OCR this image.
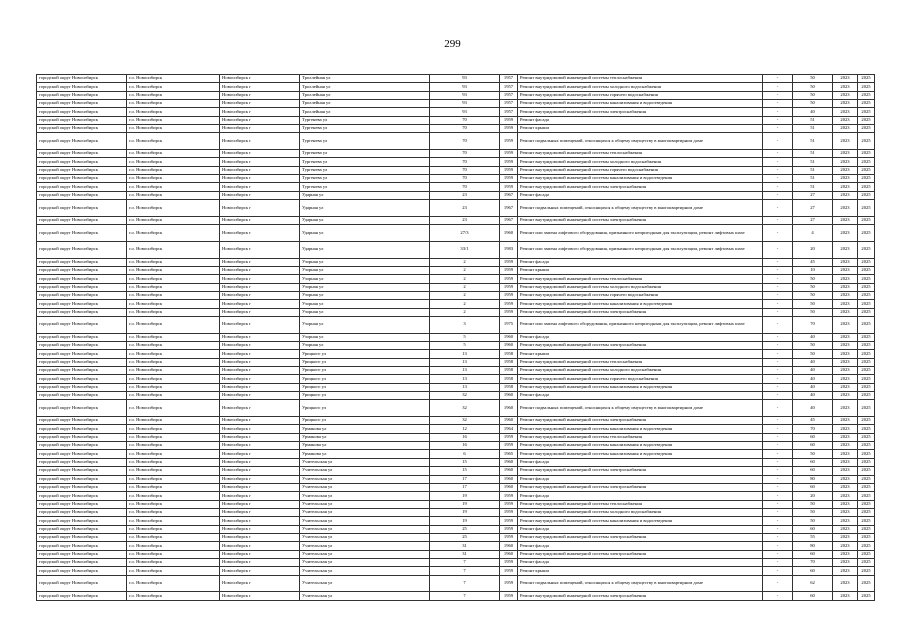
299
городской округ Новосибирск	г.о. Новосибирск	Новосибирск г	Троллейная ул	93	1957	Ремонт внутридомовой инженерной системы теплоснабжения	-	50	2023	2025
городской округ Новосибирск	г.о. Новосибирск	Новосибирск г	Троллейная ул	93	1957	Ремонт внутридомовой инженерной системы холодного водоснабжения	-	50	2023	2025
городской округ Новосибирск	г.о. Новосибирск	Новосибирск г	Троллейная ул	93	1957	Ремонт внутридомовой инженерной системы горячего водоснабжения	-	50	2023	2025
городской округ Новосибирск	г.о. Новосибирск	Новосибирск г	Троллейная ул	93	1957	Ремонт внутридомовой инженерной системы канализования и водоотведения	-	50	2023	2025
городской округ Новосибирск	г.о. Новосибирск	Новосибирск г	Троллейная ул	93	1957	Ремонт внутридомовой инженерной системы электроснабжения	-	40	2023	2025
городской округ Новосибирск	г.о. Новосибирск	Новосибирск г	Тургенева ул	70	1959	Ремонт фасада	-	51	2023	2025
городской округ Новосибирск	г.о. Новосибирск	Новосибирск г	Тургенева ул	70	1959	Ремонт крыши	-	51	2023	2025
городской округ Новосибирск	г.о. Новосибирск	Новосибирск г	Тургенева ул	70	1959	Ремонт подвальных помещений, относящихся к общему имуществу в многоквартирном доме	-	51	2023	2025
городской округ Новосибирск	г.о. Новосибирск	Новосибирск г	Тургенева ул	70	1959	Ремонт внутридомовой инженерной системы теплоснабжения	-	51	2023	2025
городской округ Новосибирск	г.о. Новосибирск	Новосибирск г	Тургенева ул	70	1959	Ремонт внутридомовой инженерной системы холодного водоснабжения	-	51	2023	2025
городской округ Новосибирск	г.о. Новосибирск	Новосибирск г	Тургенева ул	70	1959	Ремонт внутридомовой инженерной системы горячего водоснабжения	-	51	2023	2025
городской округ Новосибирск	г.о. Новосибирск	Новосибирск г	Тургенева ул	70	1959	Ремонт внутридомовой инженерной системы канализования и водоотведения	-	51	2023	2025
городской округ Новосибирск	г.о. Новосибирск	Новосибирск г	Тургенева ул	70	1959	Ремонт внутридомовой инженерной системы электроснабжения	-	51	2023	2025
городской округ Новосибирск	г.о. Новосибирск	Новосибирск г	Ударная ул	23	1967	Ремонт фасада	-	27	2023	2025
городской округ Новосибирск	г.о. Новосибирск	Новосибирск г	Ударная ул	23	1967	Ремонт подвальных помещений, относящихся к общему имуществу в многоквартирном доме	-	27	2023	2025
городской округ Новосибирск	г.о. Новосибирск	Новосибирск г	Ударная ул	23	1967	Ремонт внутридомовой инженерной системы электроснабжения	-	27	2023	2025
городской округ Новосибирск	г.о. Новосибирск	Новосибирск г	Ударная ул	27/3	1960	Ремонт или замена лифтового оборудования, признанного непригодным для эксплуатации, ремонт лифтовых шахт	-	4	2023	2025
городской округ Новосибирск	г.о. Новосибирск	Новосибирск г	Ударная ул	33/1	1983	Ремонт или замена лифтового оборудования, признанного непригодным для эксплуатации, ремонт лифтовых шахт	-	20	2023	2025
городской округ Новосибирск	г.о. Новосибирск	Новосибирск г	Узорная ул	2	1959	Ремонт фасада	-	45	2023	2025
городской округ Новосибирск	г.о. Новосибирск	Новосибирск г	Узорная ул	2	1959	Ремонт крыши	-	10	2023	2025
городской округ Новосибирск	г.о. Новосибирск	Новосибирск г	Узорная ул	2	1959	Ремонт внутридомовой инженерной системы теплоснабжения	-	50	2023	2025
городской округ Новосибирск	г.о. Новосибирск	Новосибирск г	Узорная ул	2	1959	Ремонт внутридомовой инженерной системы холодного водоснабжения	-	50	2023	2025
городской округ Новосибирск	г.о. Новосибирск	Новосибирск г	Узорная ул	2	1959	Ремонт внутридомовой инженерной системы горячего водоснабжения	-	50	2023	2025
городской округ Новосибирск	г.о. Новосибирск	Новосибирск г	Узорная ул	2	1959	Ремонт внутридомовой инженерной системы канализования и водоотведения	-	50	2023	2025
городской округ Новосибирск	г.о. Новосибирск	Новосибирск г	Узорная ул	2	1959	Ремонт внутридомовой инженерной системы электроснабжения	-	50	2023	2025
городской округ Новосибирск	г.о. Новосибирск	Новосибирск г	Узорная ул	3	1975	Ремонт или замена лифтового оборудования, признанного непригодным для эксплуатации, ремонт лифтовых шахт	-	70	2023	2025
городской округ Новосибирск	г.о. Новосибирск	Новосибирск г	Узорная ул	5	1960	Ремонт фасада	-	40	2023	2025
городской округ Новосибирск	г.о. Новосибирск	Новосибирск г	Узорная ул	5	1960	Ремонт внутридомовой инженерной системы электроснабжения	-	50	2023	2025
городской округ Новосибирск	г.о. Новосибирск	Новосибирск г	Урицкого ул	13	1958	Ремонт крыши	-	50	2023	2025
городской округ Новосибирск	г.о. Новосибирск	Новосибирск г	Урицкого ул	13	1958	Ремонт внутридомовой инженерной системы теплоснабжения	-	40	2023	2025
городской округ Новосибирск	г.о. Новосибирск	Новосибирск г	Урицкого ул	13	1958	Ремонт внутридомовой инженерной системы холодного водоснабжения	-	40	2023	2025
городской округ Новосибирск	г.о. Новосибирск	Новосибирск г	Урицкого ул	13	1958	Ремонт внутридомовой инженерной системы горячего водоснабжения	-	40	2023	2025
городской округ Новосибирск	г.о. Новосибирск	Новосибирск г	Урицкого ул	13	1958	Ремонт внутридомовой инженерной системы канализования и водоотведения	-	40	2023	2025
городской округ Новосибирск	г.о. Новосибирск	Новосибирск г	Урицкого ул	32	1960	Ремонт фасада	-	40	2023	2025
городской округ Новосибирск	г.о. Новосибирск	Новосибирск г	Урицкого ул	32	1960	Ремонт подвальных помещений, относящихся к общему имуществу в многоквартирном доме	-	40	2023	2025
городской округ Новосибирск	г.о. Новосибирск	Новосибирск г	Урицкого ул	32	1960	Ремонт внутридомовой инженерной системы электроснабжения	-	45	2023	2025
городской округ Новосибирск	г.о. Новосибирск	Новосибирск г	Урманова ул	12	1964	Ремонт внутридомовой инженерной системы канализования и водоотведения	-	70	2023	2025
городской округ Новосибирск	г.о. Новосибирск	Новосибирск г	Урманова ул	16	1959	Ремонт внутридомовой инженерной системы теплоснабжения	-	60	2023	2025
городской округ Новосибирск	г.о. Новосибирск	Новосибирск г	Урманова ул	16	1959	Ремонт внутридомовой инженерной системы канализования и водоотведения	-	60	2023	2025
городской округ Новосибирск	г.о. Новосибирск	Новосибирск г	Урманова ул	6	1965	Ремонт внутридомовой инженерной системы канализования и водоотведения	-	50	2023	2025
городской округ Новосибирск	г.о. Новосибирск	Новосибирск г	Учительская ул	15	1960	Ремонт фасада	-	60	2023	2025
городской округ Новосибирск	г.о. Новосибирск	Новосибирск г	Учительская ул	15	1960	Ремонт внутридомовой инженерной системы электроснабжения	-	60	2023	2025
городской округ Новосибирск	г.о. Новосибирск	Новосибирск г	Учительская ул	17	1960	Ремонт фасада	-	80	2023	2025
городской округ Новосибирск	г.о. Новосибирск	Новосибирск г	Учительская ул	17	1960	Ремонт внутридомовой инженерной системы электроснабжения	-	60	2023	2025
городской округ Новосибирск	г.о. Новосибирск	Новосибирск г	Учительская ул	19	1959	Ремонт фасада	-	20	2023	2025
городской округ Новосибирск	г.о. Новосибирск	Новосибирск г	Учительская ул	19	1959	Ремонт внутридомовой инженерной системы теплоснабжения	-	50	2023	2025
городской округ Новосибирск	г.о. Новосибирск	Новосибирск г	Учительская ул	19	1959	Ремонт внутридомовой инженерной системы холодного водоснабжения	-	50	2023	2025
городской округ Новосибирск	г.о. Новосибирск	Новосибирск г	Учительская ул	19	1959	Ремонт внутридомовой инженерной системы канализования и водоотведения	-	50	2023	2025
городской округ Новосибирск	г.о. Новосибирск	Новосибирск г	Учительская ул	25	1959	Ремонт фасада	-	60	2023	2025
городской округ Новосибирск	г.о. Новосибирск	Новосибирск г	Учительская ул	25	1959	Ремонт внутридомовой инженерной системы электроснабжения	-	55	2023	2025
городской округ Новосибирск	г.о. Новосибирск	Новосибирск г	Учительская ул	31	1960	Ремонт фасада	-	80	2023	2025
городской округ Новосибирск	г.о. Новосибирск	Новосибирск г	Учительская ул	31	1960	Ремонт внутридомовой инженерной системы электроснабжения	-	60	2023	2025
городской округ Новосибирск	г.о. Новосибирск	Новосибирск г	Учительская ул	7	1959	Ремонт фасада	-	70	2023	2025
городской округ Новосибирск	г.о. Новосибирск	Новосибирск г	Учительская ул	7	1959	Ремонт крыши	-	60	2023	2025
городской округ Новосибирск	г.о. Новосибирск	Новосибирск г	Учительская ул	7	1959	Ремонт подвальных помещений, относящихся к общему имуществу в многоквартирном доме	-	62	2023	2025
городской округ Новосибирск	г.о. Новосибирск	Новосибирск г	Учительская ул	7	1959	Ремонт внутридомовой инженерной системы электроснабжения	-	60	2023	2025
